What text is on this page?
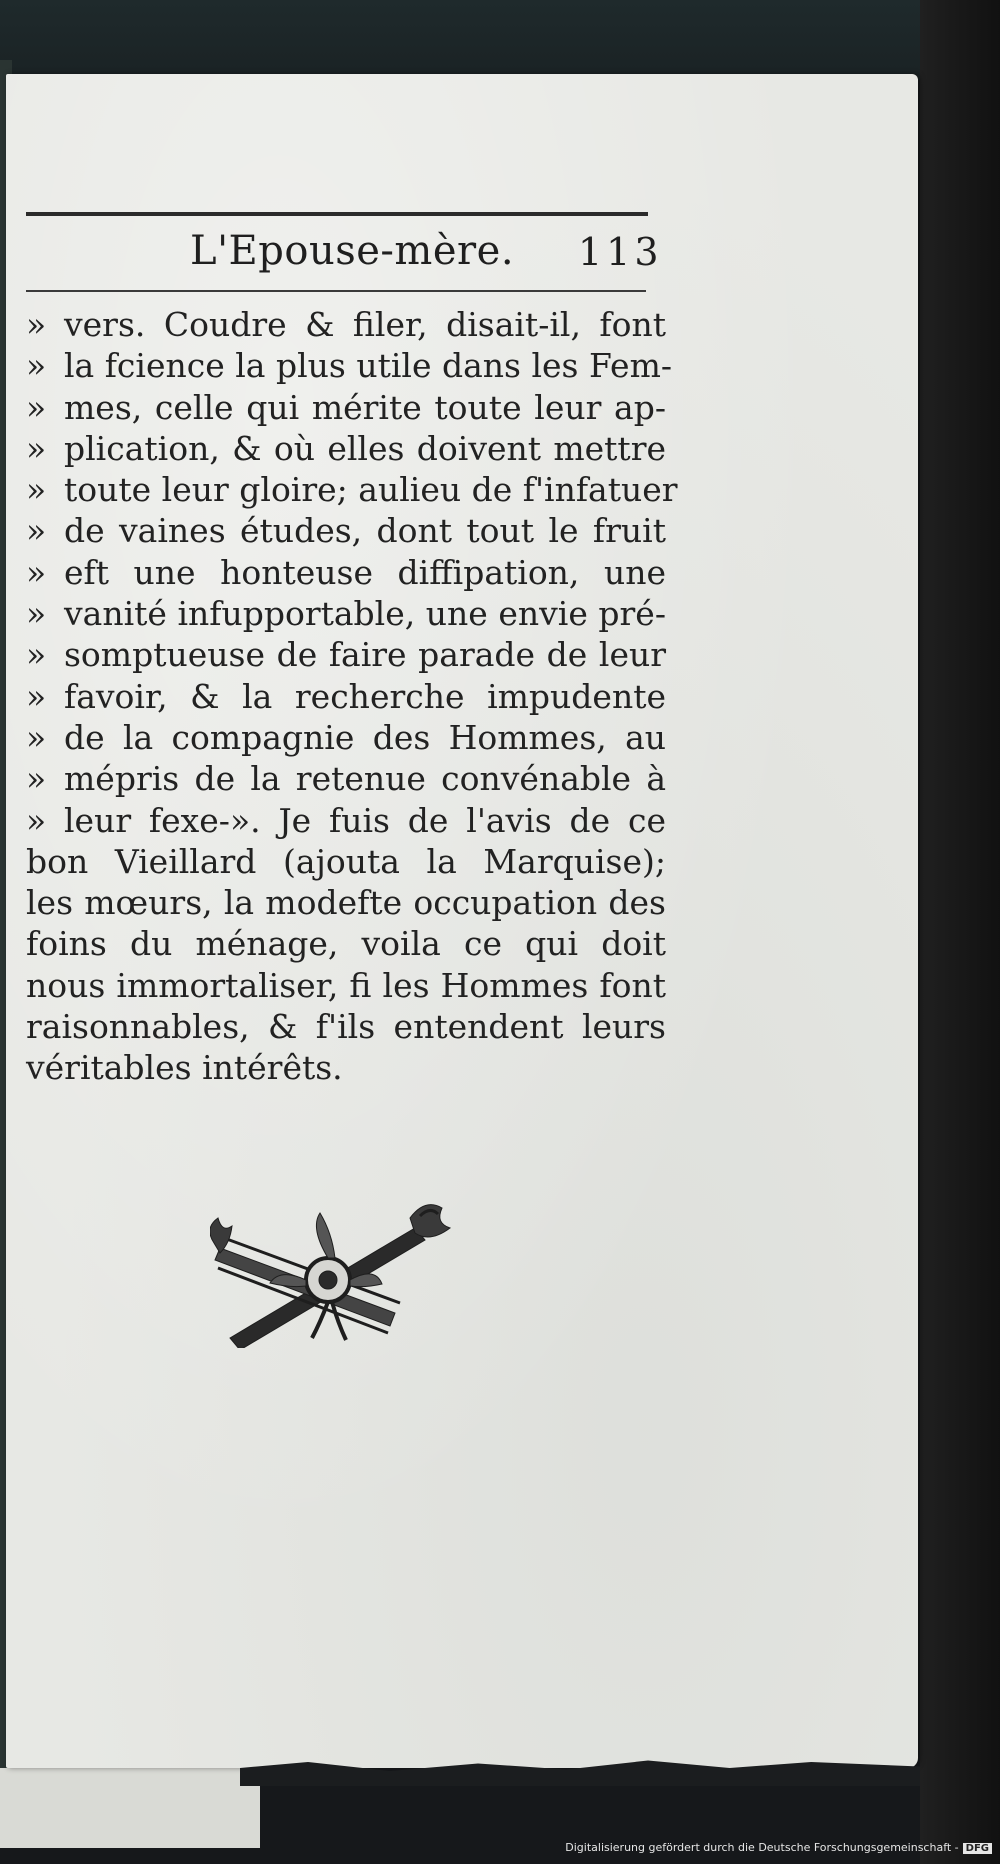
L'Epouse-mère. 113
» vers. Coudre & filer, disait-il, font
» la fcience la plus utile dans les Fem-
» mes, celle qui mérite toute leur ap-
» plication, & où elles doivent mettre
» toute leur gloire; aulieu de f'infatuer
» de vaines études, dont tout le fruit
» eft une honteuse diffipation, une
» vanité infupportable, une envie pré-
» somptueuse de faire parade de leur
» favoir, & la recherche impudente
» de la compagnie des Hommes, au
» mépris de la retenue convénable à
» leur fexe-». Je fuis de l'avis de ce
bon Vieillard (ajouta la Marquise);
les mœurs, la modefte occupation des
foins du ménage, voila ce qui doit
nous immortaliser, fi les Hommes font
raisonnables, & f'ils entendent leurs
véritables intérêts.
Digitalisierung gefördert durch die Deutsche Forschungsgemeinschaft - DFG
